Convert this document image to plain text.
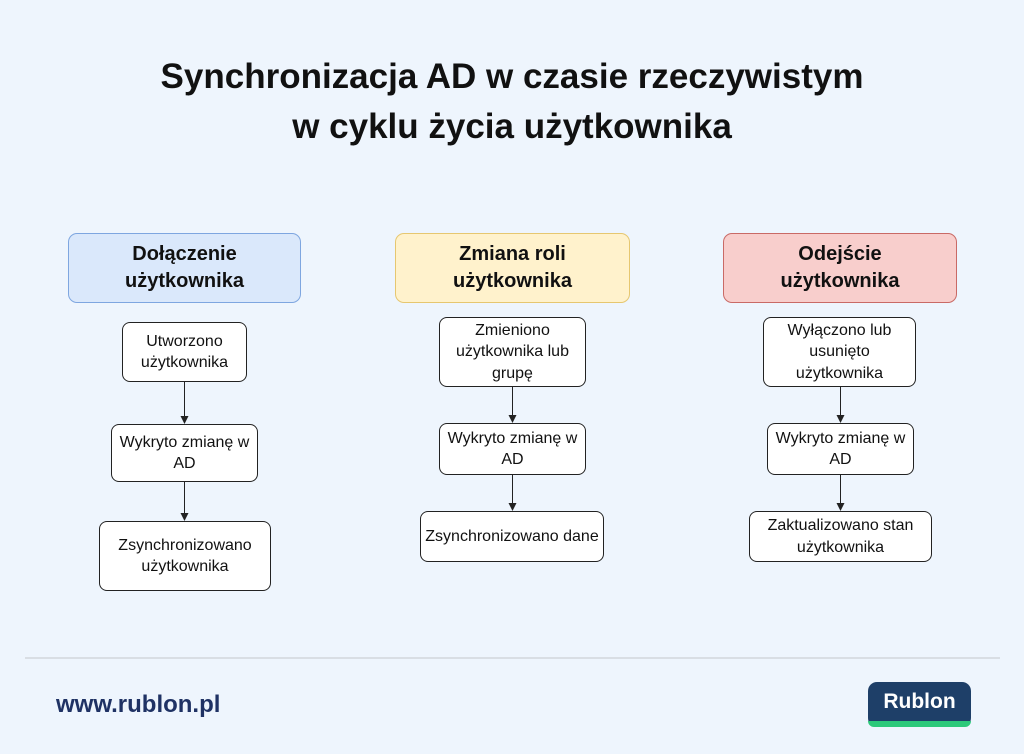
Synchronizacja AD w czasie rzeczywistym
w cyklu życia użytkownika
Dołączenie
użytkownika
Utworzono użytkownika
Wykryto zmianę w AD
Zsynchronizowano użytkownika
Zmiana roli
użytkownika
Zmieniono użytkownika lub grupę
Wykryto zmianę w AD
Zsynchronizowano dane
Odejście
użytkownika
Wyłączono lub usunięto użytkownika
Wykryto zmianę w AD
Zaktualizowano stan użytkownika
www.rublon.pl	Rublon
